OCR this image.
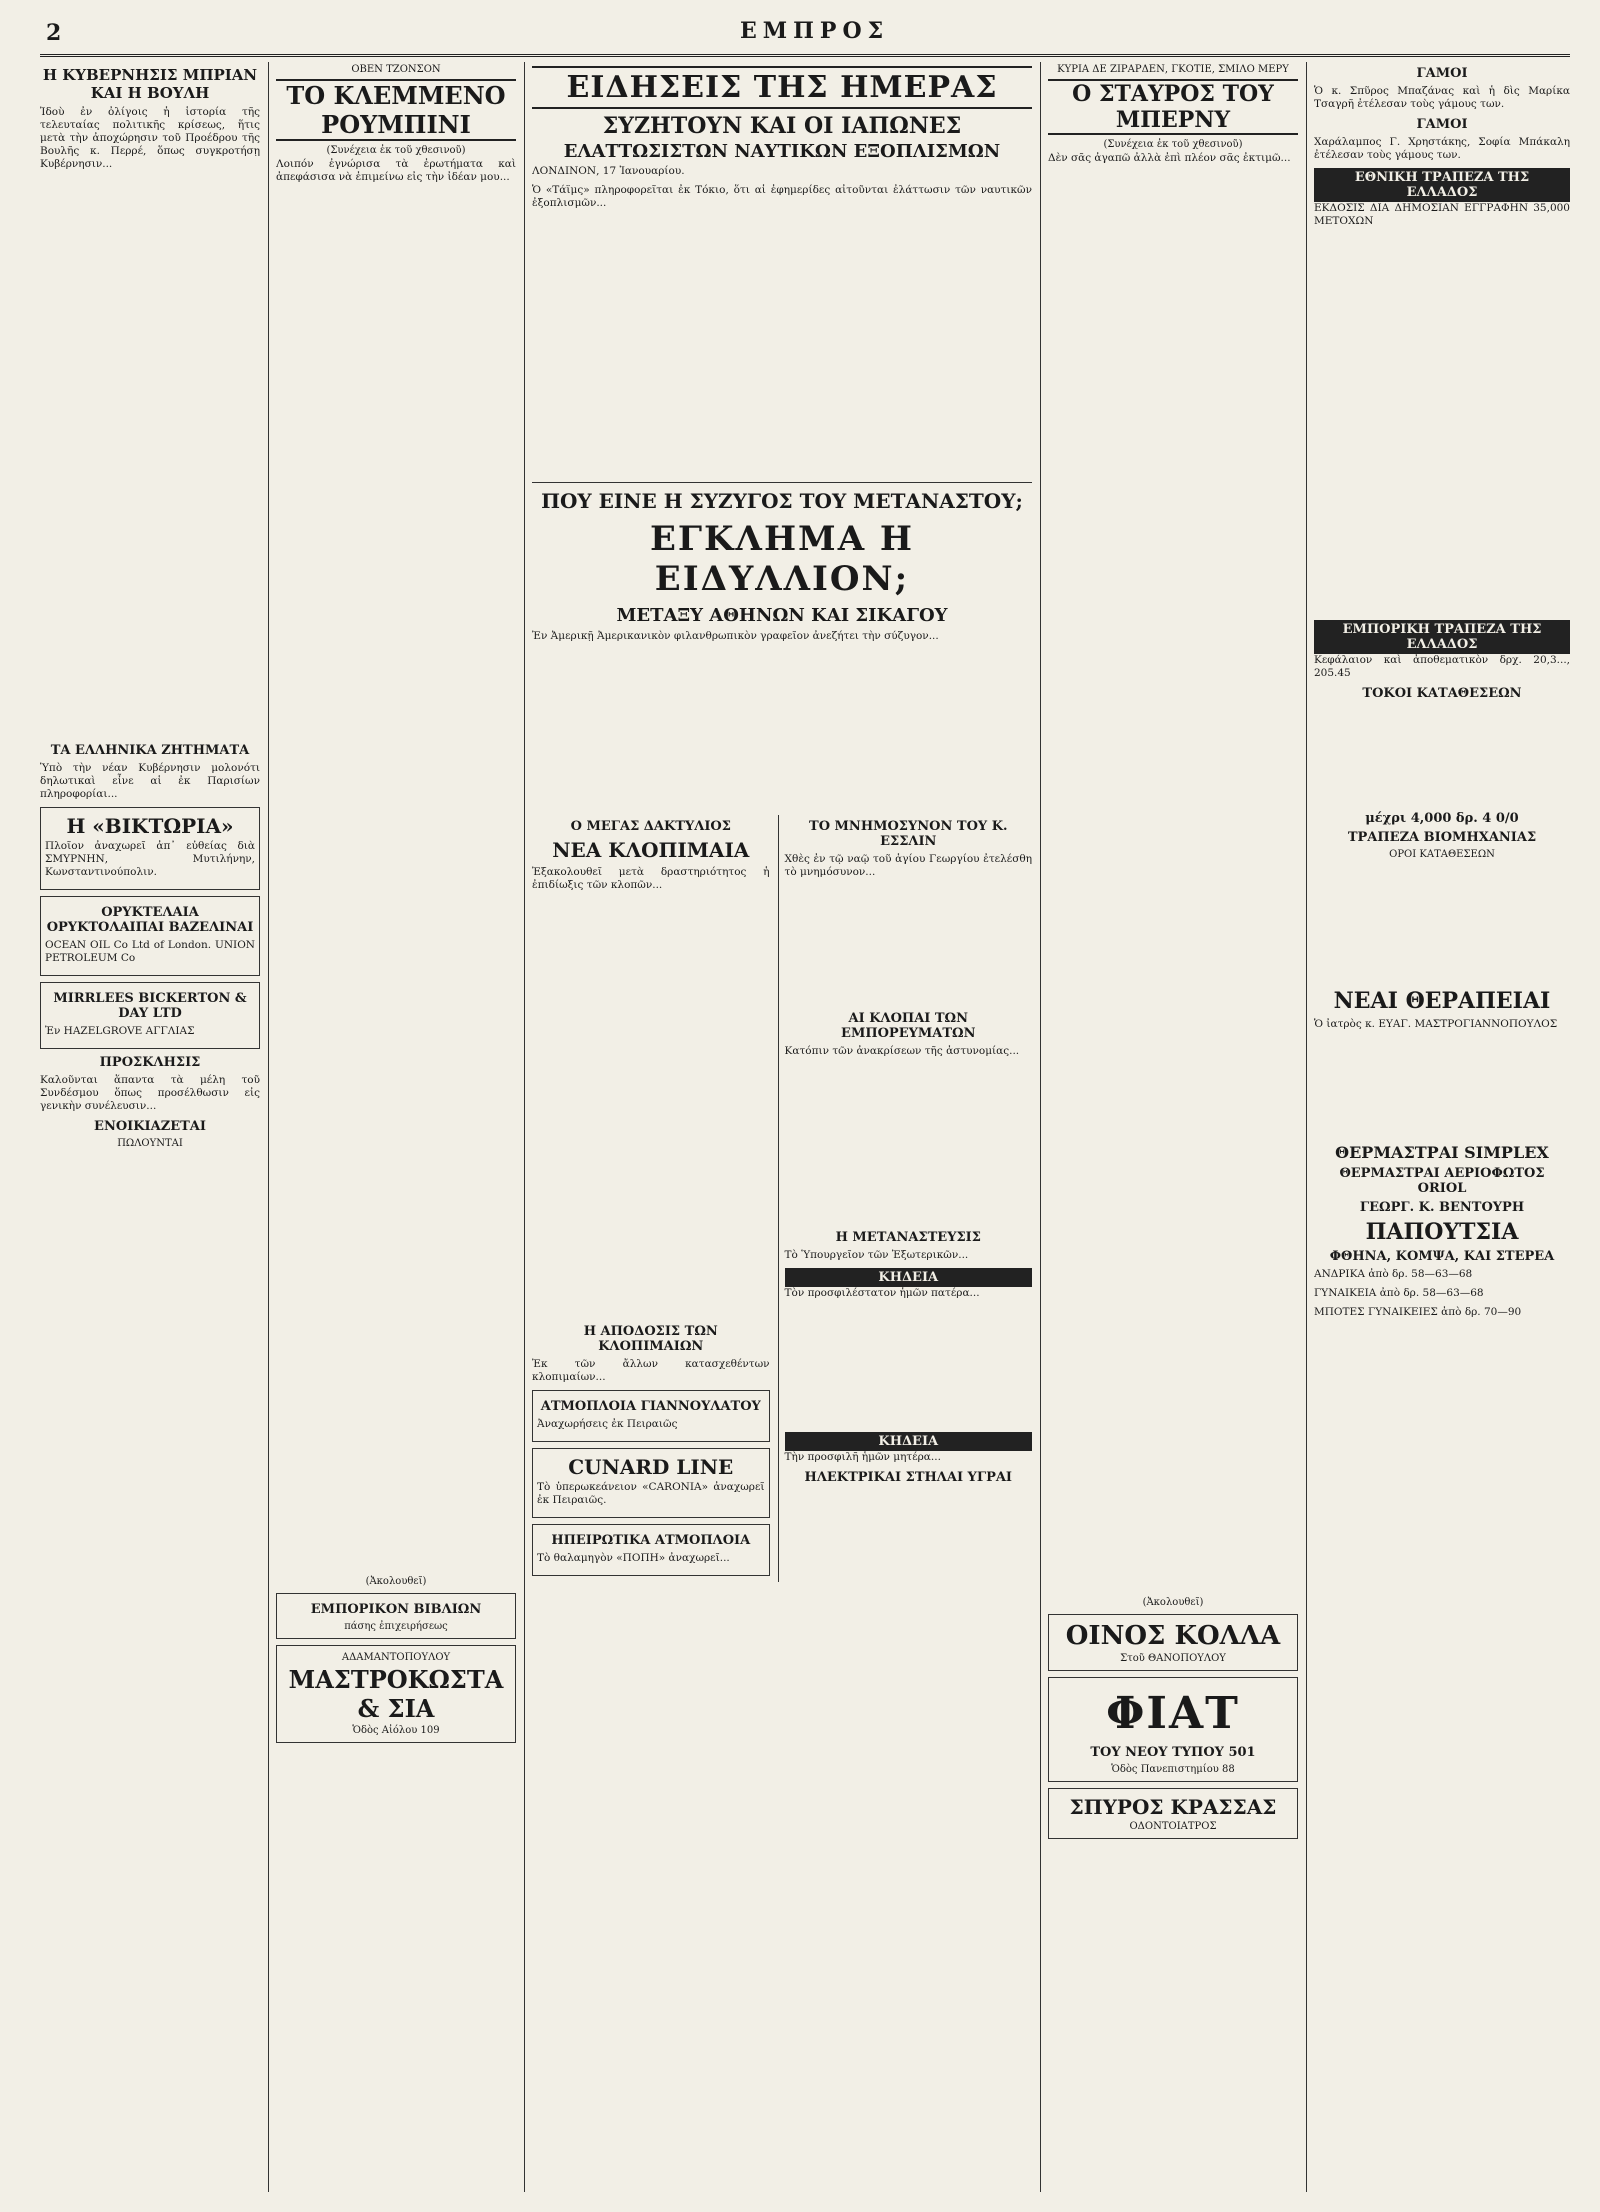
2	ΕΜΠΡΟΣ
Η ΚΥΒΕΡΝΗΣΙΣ ΜΠΡΙΑΝ ΚΑΙ Η ΒΟΥΛΗ

Ἰδοὺ ἐν ὀλίγοις ἡ ἱστορία τῆς τελευταίας πολιτικῆς κρίσεως, ἥτις μετὰ τὴν ἀποχώρησιν τοῦ Προέδρου τῆς Βουλῆς κ. Περρέ, ὅπως συγκροτήσῃ Κυβέρνησιν...

ΤΑ ΕΛΛΗΝΙΚΑ ΖΗΤΗΜΑΤΑ

Ὑπὸ τὴν νέαν Κυβέρνησιν μολονότι δηλωτικαὶ εἶνε αἱ ἐκ Παρισίων πληροφορίαι...

Η «ΒΙΚΤΩΡΙΑ»

Πλοῖον ἀναχωρεῖ ἀπ᾽ εὐθείας διὰ ΣΜΥΡΝΗΝ, Μυτιλήνην, Κωνσταντινούπολιν.

ΟΡΥΚΤΕΛΑΙΑ ΟΡΥΚΤΟΛΑΙΠΑΙ ΒΑΖΕΛΙΝΑΙ

OCEAN OIL Co Ltd of London. UNION PETROLEUM Co

MIRRLEES BICKERTON & DAY LTD

Ἐν HAZELGROVE ΑΓΓΛΙΑΣ

ΠΡΟΣΚΛΗΣΙΣ

Καλοῦνται ἅπαντα τὰ μέλη τοῦ Συνδέσμου ὅπως προσέλθωσιν εἰς γενικὴν συνέλευσιν...

ΕΝΟΙΚΙΑΖΕΤΑΙ
ΠΩΛΟΥΝΤΑΙ
ΟΒΕΝ ΤΖΟΝΣΟΝ
ΤΟ ΚΛΕΜΜΕΝΟ ΡΟΥΜΠΙΝΙ
(Συνέχεια ἐκ τοῦ χθεσινοῦ)

Λοιπόν ἐγνώρισα τὰ ἐρωτήματα καὶ ἀπεφάσισα νὰ ἐπιμείνω εἰς τὴν ἰδέαν μου...

(Ἀκολουθεῖ)
ΕΜΠΟΡΙΚΟΝ ΒΙΒΛΙΩΝ
πάσης ἐπιχειρήσεως
ΑΔΑΜΑΝΤΟΠΟΥΛΟΥ
ΜΑΣΤΡΟΚΩΣΤΑ & ΣΙΑ
Ὁδὸς Αἰόλου 109
ΕΙΔΗΣΕΙΣ ΤΗΣ ΗΜΕΡΑΣ
ΣΥΖΗΤΟΥΝ ΚΑΙ ΟΙ ΙΑΠΩΝΕΣ
ΕΛΑΤΤΩΣΙΣΤΩΝ ΝΑΥΤΙΚΩΝ ΕΞΟΠΛΙΣΜΩΝ

ΛΟΝΔΙΝΟΝ, 17 Ἰανουαρίου.

Ὁ «Τάϊμς» πληροφορεῖται ἐκ Τόκιο, ὅτι αἱ ἐφημερίδες αἰτοῦνται ἐλάττωσιν τῶν ναυτικῶν ἐξοπλισμῶν...

ΠΟΥ ΕΙΝΕ Η ΣΥΖΥΓΟΣ ΤΟΥ ΜΕΤΑΝΑΣΤΟΥ;
ΕΓΚΛΗΜΑ Η ΕΙΔΥΛΛΙΟΝ;
ΜΕΤΑΞΥ ΑΘΗΝΩΝ ΚΑΙ ΣΙΚΑΓΟΥ

Ἐν Ἀμερικῇ Ἀμερικανικὸν φιλανθρωπικὸν γραφεῖον ἀνεζήτει τὴν σύζυγον...

Ο ΜΕΓΑΣ ΔΑΚΤΥΛΙΟΣ
ΝΕΑ ΚΛΟΠΙΜΑΙΑ

Ἐξακολουθεῖ μετὰ δραστηριότητος ἡ ἐπιδίωξις τῶν κλοπῶν...

Η ΑΠΟΔΟΣΙΣ ΤΩΝ ΚΛΟΠΙΜΑΙΩΝ

Ἐκ τῶν ἄλλων κατασχεθέντων κλοπιμαίων...

ΑΤΜΟΠΛΟΙΑ ΓΙΑΝΝΟΥΛΑΤΟΥ

Ἀναχωρήσεις ἐκ Πειραιῶς

CUNARD LINE

Τὸ ὑπερωκεάνειον «CARONIA» ἀναχωρεῖ ἐκ Πειραιῶς.

ΗΠΕΙΡΩΤΙΚΑ ΑΤΜΟΠΛΟΙΑ

Τὸ θαλαμηγὸν «ΠΟΠΗ» ἀναχωρεῖ...

ΤΟ ΜΝΗΜΟΣΥΝΟΝ ΤΟΥ Κ. ΕΣΣΛΙΝ

Χθὲς ἐν τῷ ναῷ τοῦ ἁγίου Γεωργίου ἐτελέσθη τὸ μνημόσυνον...

ΑΙ ΚΛΟΠΑΙ ΤΩΝ ΕΜΠΟΡΕΥΜΑΤΩΝ

Κατόπιν τῶν ἀνακρίσεων τῆς ἀστυνομίας...

Η ΜΕΤΑΝΑΣΤΕΥΣΙΣ

Τὸ Ὑπουργεῖον τῶν Ἐξωτερικῶν...

ΚΗΔΕΙΑ

Τὸν προσφιλέστατον ἡμῶν πατέρα...

ΚΗΔΕΙΑ

Τὴν προσφιλῆ ἡμῶν μητέρα...

ΗΛΕΚΤΡΙΚΑΙ ΣΤΗΛΑΙ ΥΓΡΑΙ
ΚΥΡΙΑ ΔΕ ΖΙΡΑΡΔΕΝ, ΓΚΟΤΙΕ, ΣΜΙΛΟ ΜΕΡΥ
Ο ΣΤΑΥΡΟΣ ΤΟΥ ΜΠΕΡΝΥ
(Συνέχεια ἐκ τοῦ χθεσινοῦ)

Δὲν σᾶς ἀγαπῶ ἀλλὰ ἐπὶ πλέον σᾶς ἐκτιμῶ...

(Ἀκολουθεῖ)
ΟΙΝΟΣ ΚΟΛΛΑ
Στοῦ ΘΑΝΟΠΟΥΛΟΥ
ΦΙΑΤ
ΤΟΥ ΝΕΟΥ ΤΥΠΟΥ 501
Ὁδὸς Πανεπιστημίου 88
ΣΠΥΡΟΣ ΚΡΑΣΣΑΣ
ΟΔΟΝΤΟΙΑΤΡΟΣ
ΓΑΜΟΙ

Ὁ κ. Σπῦρος Μπαζάνας καὶ ἡ δὶς Μαρίκα Τσαγρῆ ἐτέλεσαν τοὺς γάμους των.

ΓΑΜΟΙ

Χαράλαμπος Γ. Χρηστάκης, Σοφία Μπάκαλη ἐτέλεσαν τοὺς γάμους των.

ΕΘΝΙΚΗ ΤΡΑΠΕΖΑ ΤΗΣ ΕΛΛΑΔΟΣ

ΕΚΔΟΣΙΣ ΔΙΑ ΔΗΜΟΣΙΑΝ ΕΓΓΡΑΦΗΝ 35,000 ΜΕΤΟΧΩΝ

ΕΜΠΟΡΙΚΗ ΤΡΑΠΕΖΑ ΤΗΣ ΕΛΛΑΔΟΣ

Κεφάλαιον καὶ ἀποθεματικὸν δρχ. 20,3..., 205.45

ΤΟΚΟΙ ΚΑΤΑΘΕΣΕΩΝ

μέχρι 4,000 δρ. 4 0/0
ΤΡΑΠΕΖΑ ΒΙΟΜΗΧΑΝΙΑΣ
ΟΡΟΙ ΚΑΤΑΘΕΣΕΩΝ

ΝΕΑΙ ΘΕΡΑΠΕΙΑΙ

Ὁ ἰατρὸς κ. ΕΥΑΓ. ΜΑΣΤΡΟΓΙΑΝΝΟΠΟΥΛΟΣ

ΘΕΡΜΑΣΤΡΑΙ SIMPLEX
ΘΕΡΜΑΣΤΡΑΙ ΑΕΡΙΟΦΩΤΟΣ ORIOL
ΓΕΩΡΓ. Κ. ΒΕΝΤΟΥΡΗ
ΠΑΠΟΥΤΣΙΑ
ΦΘΗΝΑ, ΚΟΜΨΑ, ΚΑΙ ΣΤΕΡΕΑ

ΑΝΔΡΙΚΑ ἀπὸ δρ. 58—63—68

ΓΥΝΑΙΚΕΙΑ ἀπὸ δρ. 58—63—68

ΜΠΟΤΕΣ ΓΥΝΑΙΚΕΙΕΣ ἀπὸ δρ. 70—90
